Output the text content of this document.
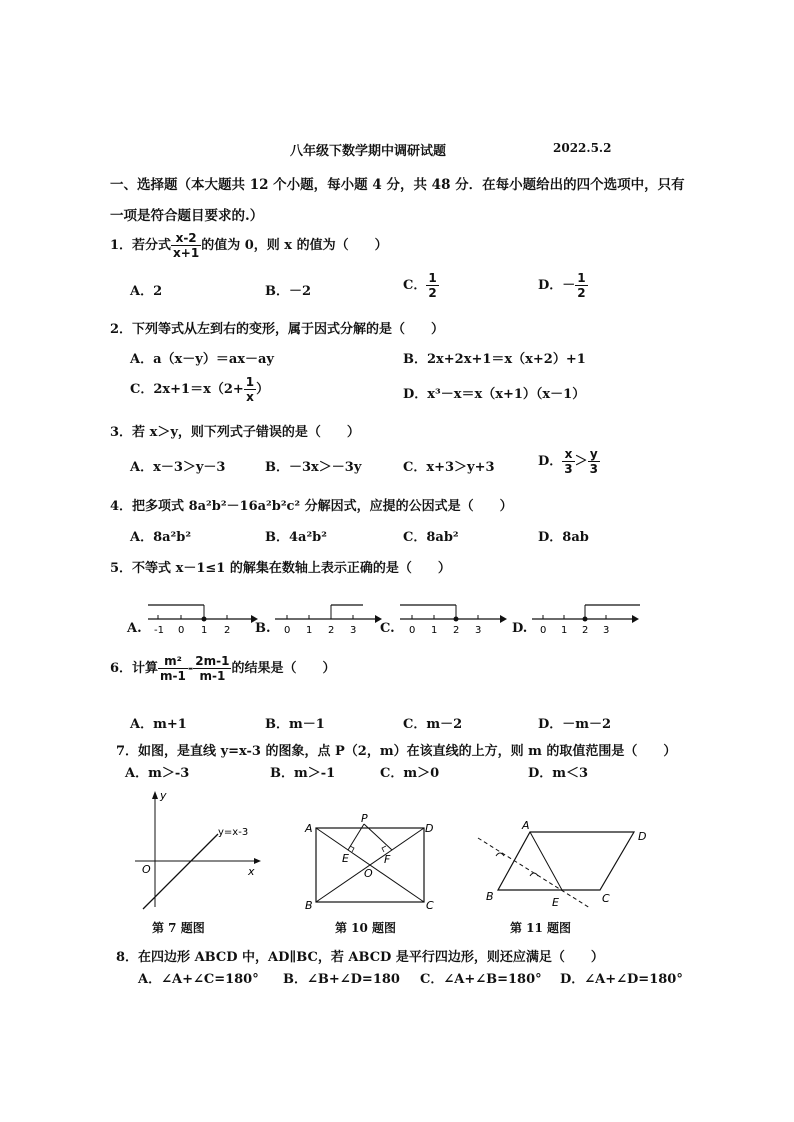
八年级下数学期中调研试题	2022.5.2
一、选择题（本大题共 12 个小题，每小题 4 分，共 48 分．在每小题给出的四个选项中，只有
一项是符合题目要求的.）
1．若分式 $\frac{x-2}{x+1}$ 的值为 0，则 x 的值为（　　）
A．2	B．－2	C． $\frac{1}{2}$	D．－ $\frac{1}{2}$
2．下列等式从左到右的变形，属于因式分解的是（　　）
A．a（x－y）＝ax－ay	B．2x+2x+1＝x（x+2）+1
C．$2x+1=x(2+ \frac{1}{x}$ ）	D．x³－x＝x（x+1）（x－1）
3．若 x＞y，则下列式子错误的是（　　）
A．x－3＞y－3	B．－3x＞－3y	C．x+3＞y+3	D． $\frac{x}{3} > \frac{y}{3}$
4．把多项式 8a²b²－16a²b²c² 分解因式，应提的公因式是（　　）
A．8a²b²	B．4a²b²	C．8ab²	D．8ab
5．不等式 x－1≤1 的解集在数轴上表示正确的是（　　）
A. -1 0 1 2 B. 0 1 2 3 C. 0 1 2 3 D. 0 1 2 3
6．计算 $\frac{\text{m²}}{m-1} - \frac{2m-1}{m-1}$ 的结果是（　　）
A．m+1	B．m－1	C．m－2	D．－m－2
7．如图，是直线 y=x-3 的图象，点 P（2，m）在该直线的上方，则 m 的取值范围是（　　）
A．m＞-3	B．m＞-1	C．m＞0	D．m＜3
y
x
O
y=x-3
第 7 题图
A
B	C
D
P
E	F
O
第 10 题图
A
D
B	C
E
第 11 题图
8．在四边形 ABCD 中，AD∥BC，若 ABCD 是平行四边形，则还应满足（　　）
A．∠A+∠C=180° B．∠B+∠D=180 C．∠A+∠B=180° D．∠A+∠D=180°
